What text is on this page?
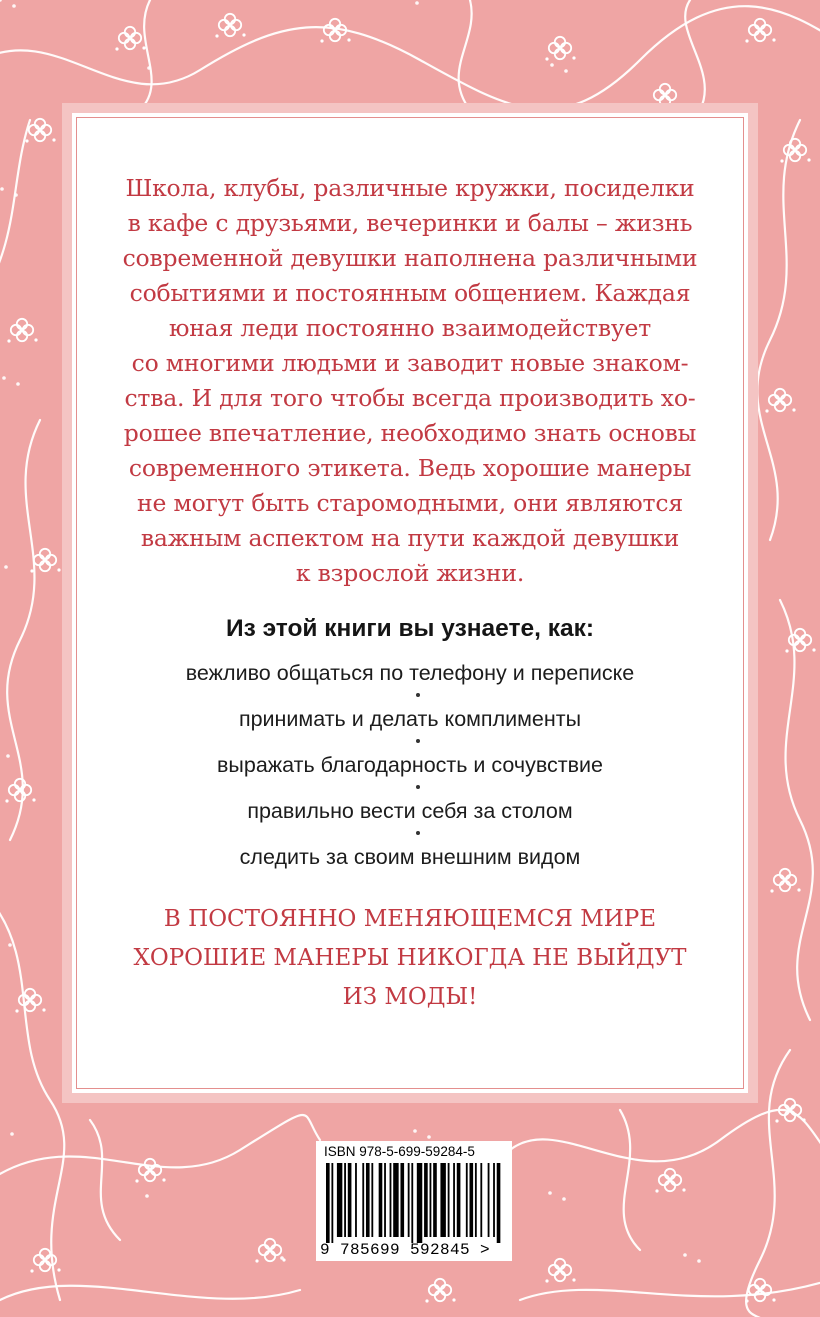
Школа, клубы, различные кружки, посиделки
в кафе с друзьями, вечеринки и балы – жизнь
современной девушки наполнена различными
событиями и постоянным общением. Каждая
юная леди постоянно взаимодействует
со многими людьми и заводит новые знаком-
ства. И для того чтобы всегда производить хо-
рошее впечатление, необходимо знать основы
современного этикета. Ведь хорошие манеры
не могут быть старомодными, они являются
важным аспектом на пути каждой девушки
к взрослой жизни.

Из этой книги вы узнаете, как:
вежливо общаться по телефону и переписке
принимать и делать комплименты
выражать благодарность и сочувствие
правильно вести себя за столом
следить за своим внешним видом

В ПОСТОЯННО МЕНЯЮЩЕМСЯ МИРЕ
ХОРОШИЕ МАНЕРЫ НИКОГДА НЕ ВЫЙДУТ
ИЗ МОДЫ!

ISBN 978-5-699-59284-5
9 785699 592845 >
